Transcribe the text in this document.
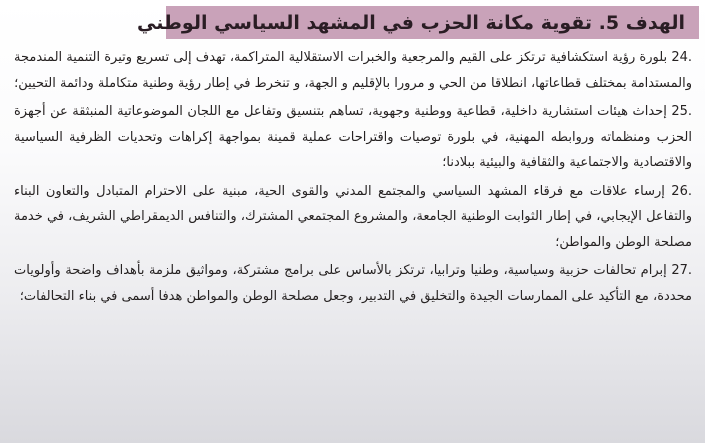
الهدف 5. تقوية مكانة الحزب في المشهد السياسي الوطني

24. بلورة رؤية استكشافية ترتكز على القيم والمرجعية والخبرات الاستقلالية المتراكمة، تهدف إلى تسريع وتيرة التنمية المندمجة والمستدامة بمختلف قطاعاتها، انطلاقا من الحي و مرورا بالإقليم و الجهة، و تنخرط في إطار رؤية وطنية متكاملة ودائمة التحيين؛

25. إحداث هيئات استشارية داخلية، قطاعية ووطنية وجهوية، تساهم بتنسيق وتفاعل مع اللجان الموضوعاتية المنبثقة عن أجهزة الحزب ومنظماته وروابطه المهنية، في بلورة توصيات واقتراحات عملية قمينة بمواجهة إكراهات وتحديات الظرفية السياسية والاقتصادية والاجتماعية والثقافية والبيئية ببلادنا؛

26. إرساء علاقات مع فرقاء المشهد السياسي والمجتمع المدني والقوى الحية، مبنية على الاحترام المتبادل والتعاون البناء والتفاعل الإيجابي، في إطار الثوابت الوطنية الجامعة، والمشروع المجتمعي المشترك، والتنافس الديمقراطي الشريف، في خدمة مصلحة الوطن والمواطن؛

27. إبرام تحالفات حزبية وسياسية، وطنيا وترابيا، ترتكز بالأساس على برامج مشتركة، ومواثيق ملزمة بأهداف واضحة وأولويات محددة، مع التأكيد على الممارسات الجيدة والتخليق في التدبير، وجعل مصلحة الوطن والمواطن هدفا أسمى في بناء التحالفات؛
